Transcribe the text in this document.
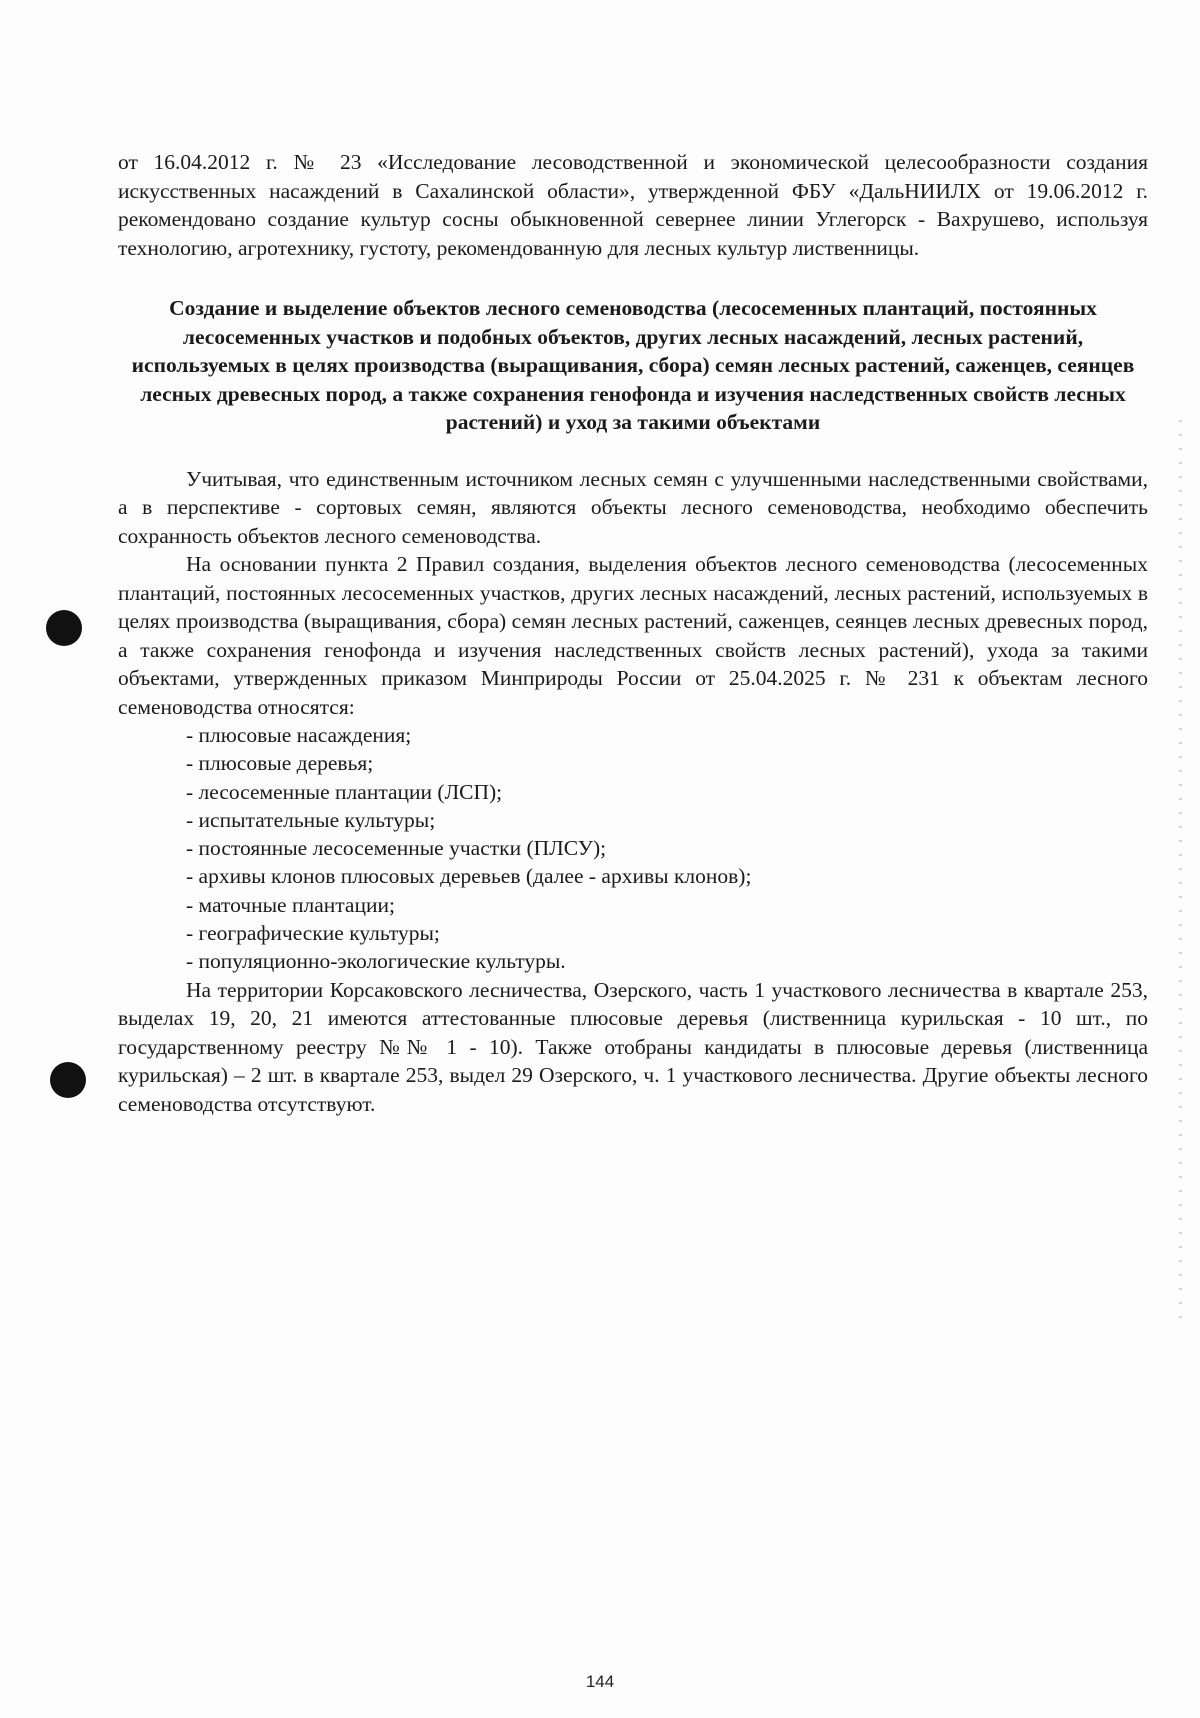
от 16.04.2012 г. № 23 «Исследование лесоводственной и экономической целесообразности создания искусственных насаждений в Сахалинской области», утвержденной ФБУ «ДальНИИЛХ от 19.06.2012 г. рекомендовано создание культур сосны обыкновенной севернее линии Углегорск - Вахрушево, используя технологию, агротехнику, густоту, рекомендованную для лесных культур лиственницы.

Создание и выделение объектов лесного семеноводства (лесосеменных плантаций, постоянных лесосеменных участков и подобных объектов, других лесных насаждений, лесных растений, используемых в целях производства (выращивания, сбора) семян лесных растений, саженцев, сеянцев лесных древесных пород, а также сохранения генофонда и изучения наследственных свойств лесных растений) и уход за такими объектами

Учитывая, что единственным источником лесных семян с улучшенными наследственными свойствами, а в перспективе - сортовых семян, являются объекты лесного семеноводства, необходимо обеспечить сохранность объектов лесного семеноводства.

На основании пункта 2 Правил создания, выделения объектов лесного семеноводства (лесосеменных плантаций, постоянных лесосеменных участков, других лесных насаждений, лесных растений, используемых в целях производства (выращивания, сбора) семян лесных растений, саженцев, сеянцев лесных древесных пород, а также сохранения генофонда и изучения наследственных свойств лесных растений), ухода за такими объектами, утвержденных приказом Минприроды России от 25.04.2025 г. № 231 к объектам лесного семеноводства относятся:

- плюсовые насаждения;
- плюсовые деревья;
- лесосеменные плантации (ЛСП);
- испытательные культуры;
- постоянные лесосеменные участки (ПЛСУ);
- архивы клонов плюсовых деревьев (далее - архивы клонов);
- маточные плантации;
- географические культуры;
- популяционно-экологические культуры.

На территории Корсаковского лесничества, Озерского, часть 1 участкового лесничества в квартале 253, выделах 19, 20, 21 имеются аттестованные плюсовые деревья (лиственница курильская - 10 шт., по государственному реестру №№ 1 - 10). Также отобраны кандидаты в плюсовые деревья (лиственница курильская) – 2 шт. в квартале 253, выдел 29 Озерского, ч. 1 участкового лесничества. Другие объекты лесного семеноводства отсутствуют.

144
